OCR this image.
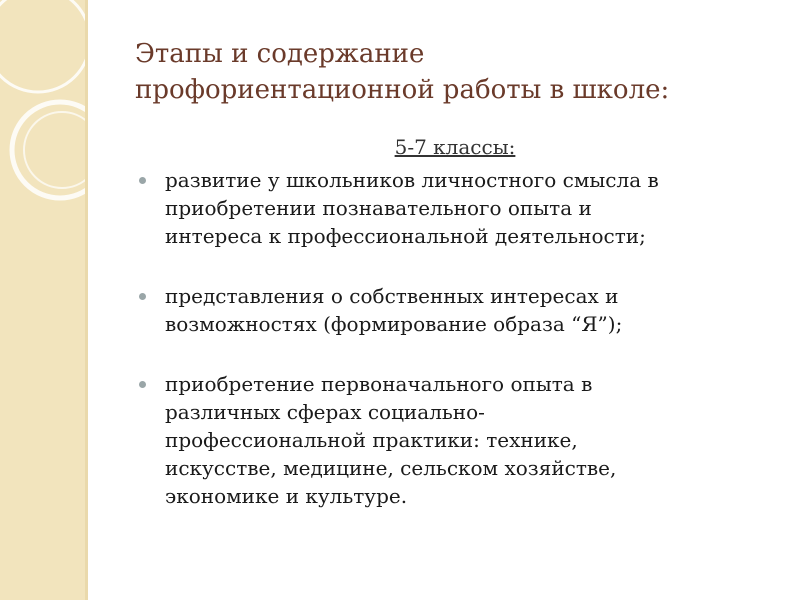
Этапы и содержание
профориентационной работы в школе:
5-7 классы:
развитие у школьников личностного смысла в
приобретении познавательного опыта и
интереса к профессиональной деятельности;
представления о собственных интересах и
возможностях (формирование образа “Я”);
приобретение первоначального опыта в
различных сферах социально-
профессиональной практики: технике,
искусстве, медицине, сельском хозяйстве,
экономике и культуре.
